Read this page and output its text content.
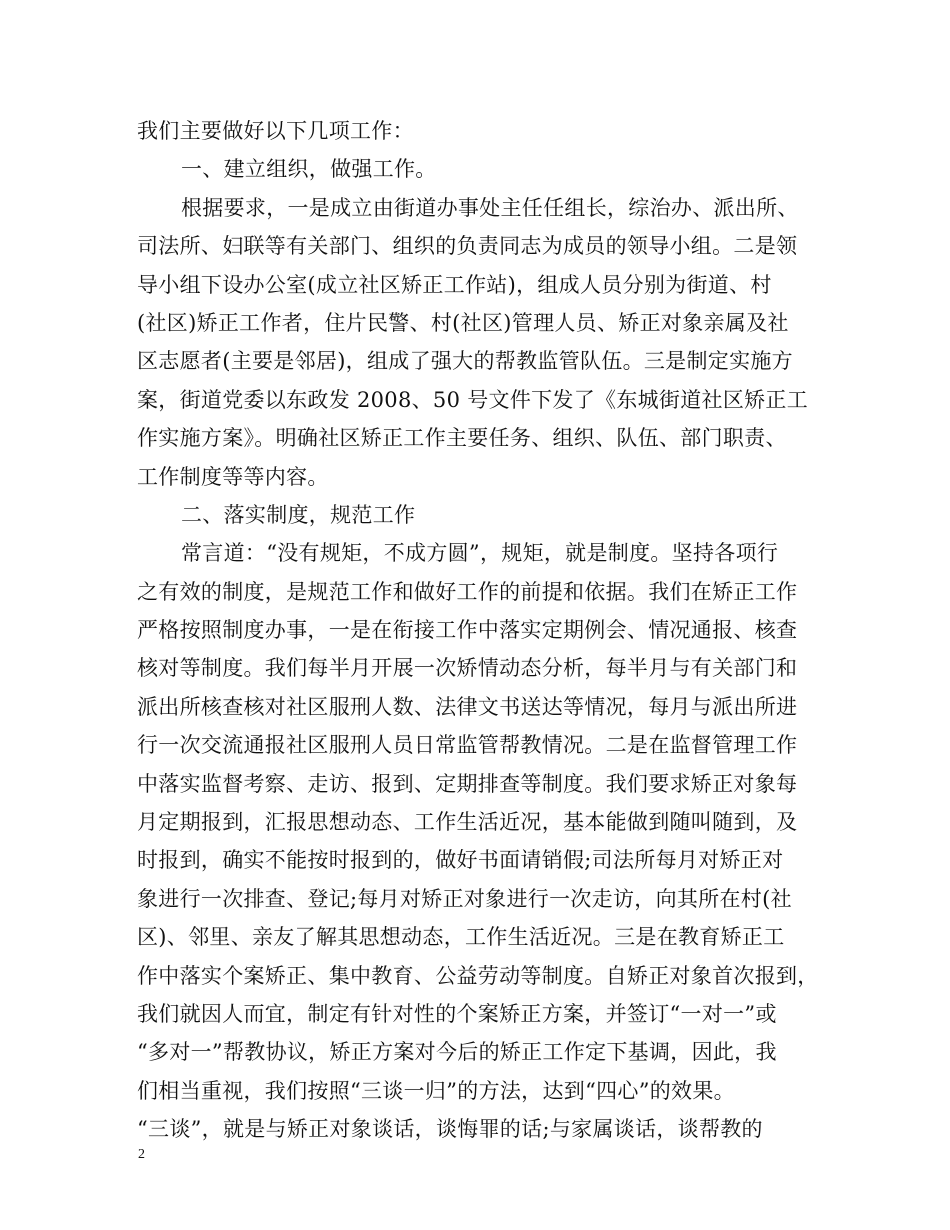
我们主要做好以下几项工作：
一、建立组织，做强工作。
根据要求，一是成立由街道办事处主任任组长，综治办、派出所、
司法所、妇联等有关部门、组织的负责同志为成员的领导小组。二是领
导小组下设办公室(成立社区矫正工作站)，组成人员分别为街道、村
(社区)矫正工作者，住片民警、村(社区)管理人员、矫正对象亲属及社
区志愿者(主要是邻居)，组成了强大的帮教监管队伍。三是制定实施方
案，街道党委以东政发 2008、50 号文件下发了《东城街道社区矫正工
作实施方案》。明确社区矫正工作主要任务、组织、队伍、部门职责、
工作制度等等内容。
二、落实制度，规范工作
常言道：“没有规矩，不成方圆”，规矩，就是制度。坚持各项行
之有效的制度，是规范工作和做好工作的前提和依据。我们在矫正工作
严格按照制度办事，一是在衔接工作中落实定期例会、情况通报、核查
核对等制度。我们每半月开展一次矫情动态分析，每半月与有关部门和
派出所核查核对社区服刑人数、法律文书送达等情况，每月与派出所进
行一次交流通报社区服刑人员日常监管帮教情况。二是在监督管理工作
中落实监督考察、走访、报到、定期排查等制度。我们要求矫正对象每
月定期报到，汇报思想动态、工作生活近况，基本能做到随叫随到，及
时报到，确实不能按时报到的，做好书面请销假;司法所每月对矫正对
象进行一次排查、登记;每月对矫正对象进行一次走访，向其所在村(社
区)、邻里、亲友了解其思想动态，工作生活近况。三是在教育矫正工
作中落实个案矫正、集中教育、公益劳动等制度。自矫正对象首次报到，
我们就因人而宜，制定有针对性的个案矫正方案，并签订“一对一”或
“多对一”帮教协议，矫正方案对今后的矫正工作定下基调，因此，我
们相当重视，我们按照“三谈一归”的方法，达到“四心”的效果。
“三谈”，就是与矫正对象谈话，谈悔罪的话;与家属谈话，谈帮教的
2
